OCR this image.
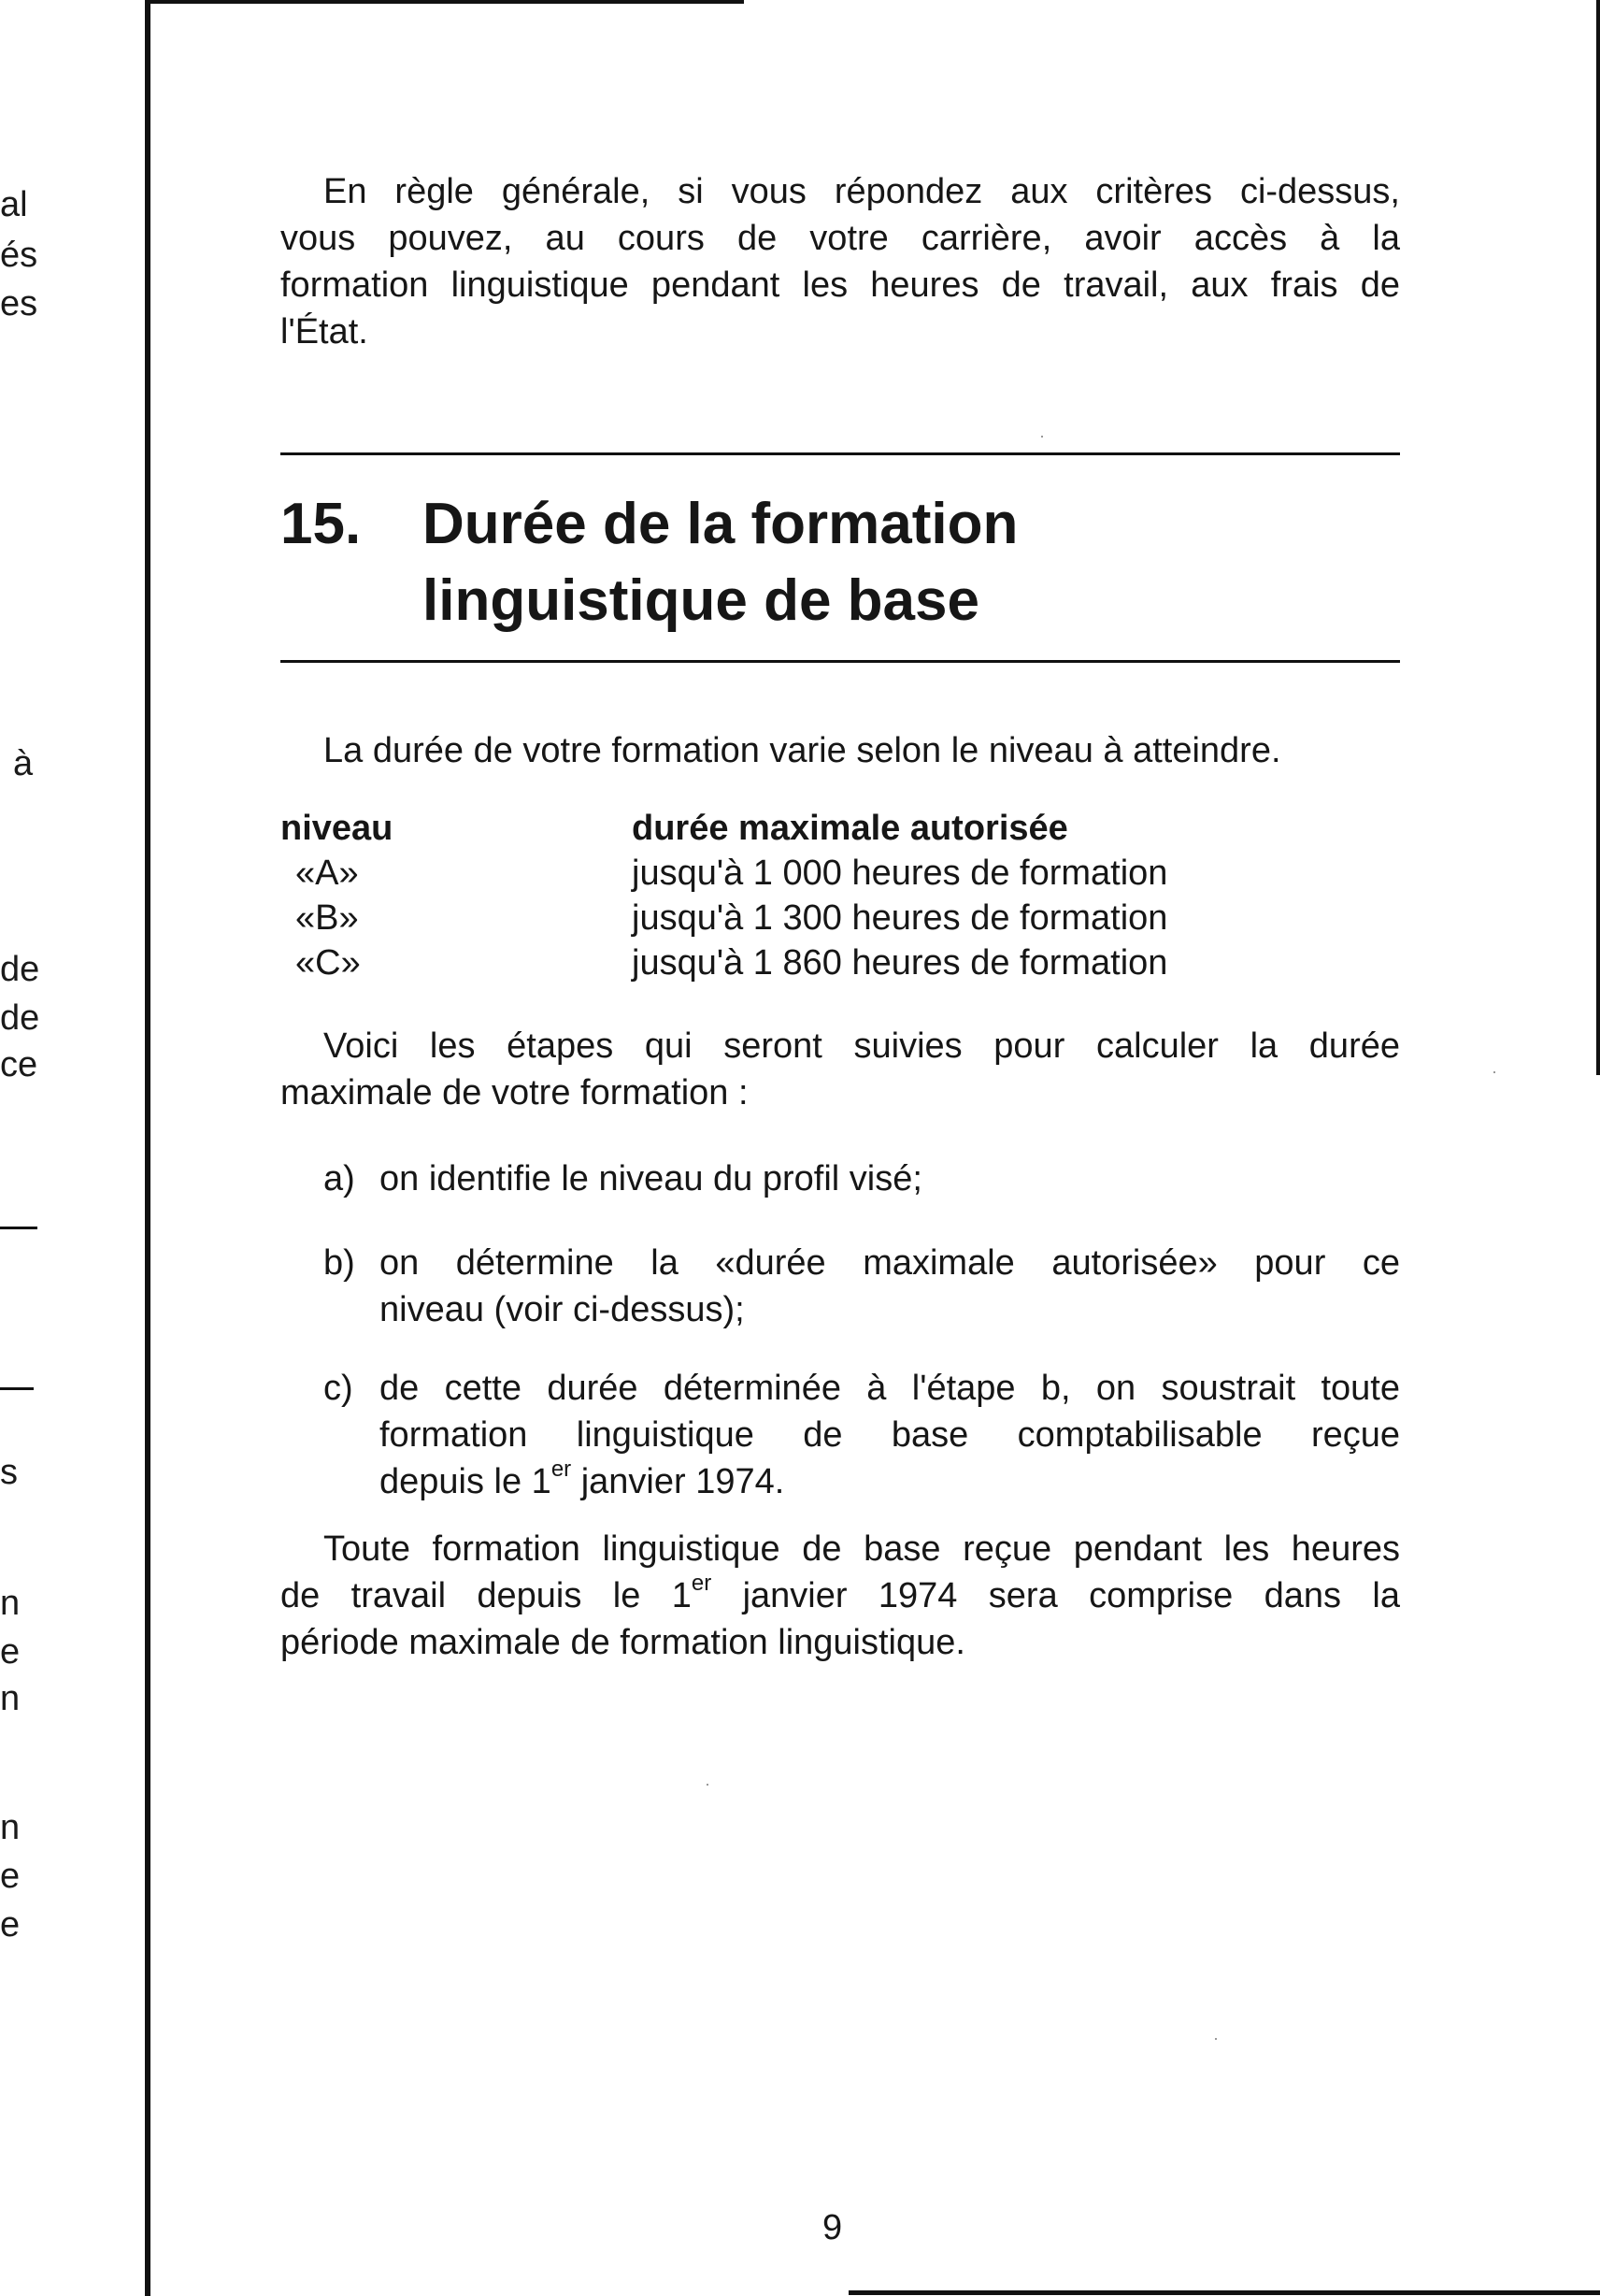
al
és
es
à
de
de
ce
s
n
e
n
n
e
e
En règle générale, si vous répondez aux critères ci-dessus,
vous pouvez, au cours de votre carrière, avoir accès à la
formation linguistique pendant les heures de travail, aux frais de
l'État.
15. Durée de la formation
linguistique de base
La durée de votre formation varie selon le niveau à atteindre.
niveau	durée maximale autorisée
«A»	jusqu'à 1 000 heures de formation
«B»	jusqu'à 1 300 heures de formation
«C»	jusqu'à 1 860 heures de formation
Voici les étapes qui seront suivies pour calculer la durée
maximale de votre formation :
a) on identifie le niveau du profil visé;
b) on détermine la «durée maximale autorisée» pour ce
niveau (voir ci-dessus);
c) de cette durée déterminée à l'étape b, on soustrait toute
formation linguistique de base comptabilisable reçue
depuis le 1er janvier 1974.
Toute formation linguistique de base reçue pendant les heures
de travail depuis le 1er janvier 1974 sera comprise dans la
période maximale de formation linguistique.
9
